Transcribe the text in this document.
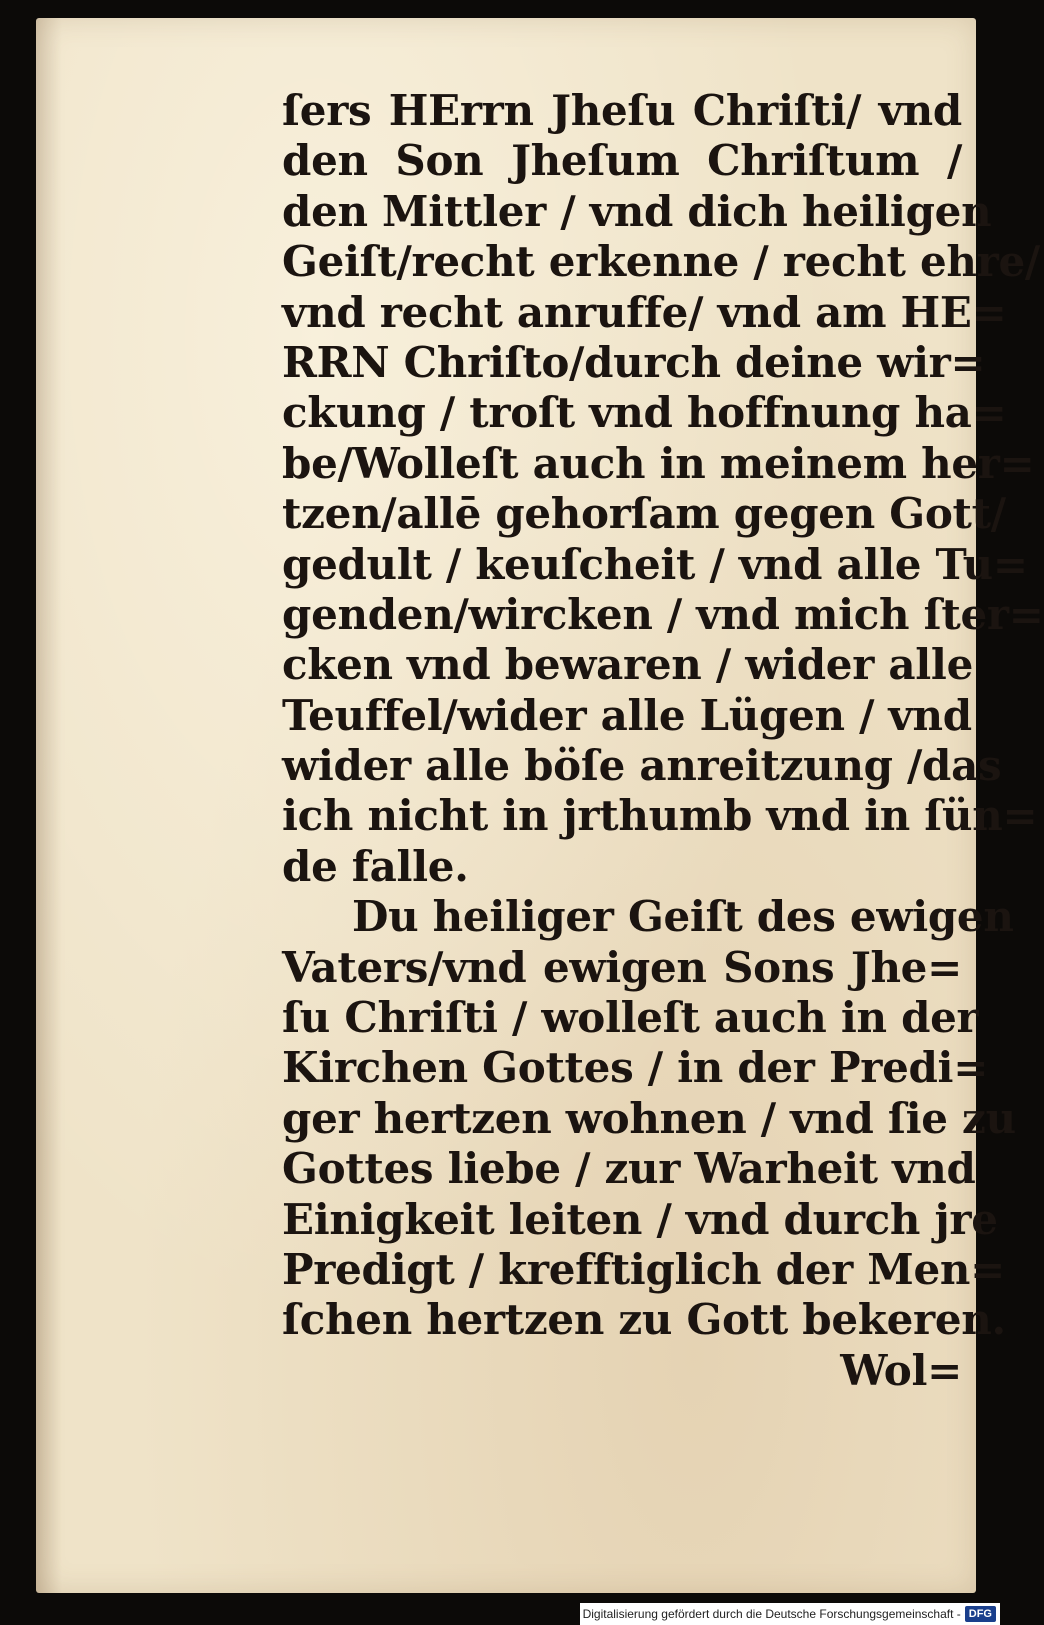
ſers HErrn Jheſu Chriſti/ vnd
den Son Jheſum Chriſtum /
den Mittler / vnd dich heiligen
Geiſt/recht erkenne / recht ehre/
vnd recht anruffe/ vnd am HE=
RRN Chriſto/durch deine wir=
ckung / troſt vnd hoffnung ha=
be/Wolleſt auch in meinem her=
tzen/allē gehorſam gegen Gott/
gedult / keuſcheit / vnd alle Tu=
genden/wircken / vnd mich ſter=
cken vnd bewaren / wider alle
Teuffel/wider alle Lügen / vnd
wider alle böſe anreitzung /das
ich nicht in jrthumb vnd in ſün=
de falle.
Du heiliger Geiſt des ewigen
Vaters/vnd ewigen Sons Jhe=
ſu Chriſti / wolleſt auch in der
Kirchen Gottes / in der Predi=
ger hertzen wohnen / vnd ſie zu
Gottes liebe / zur Warheit vnd
Einigkeit leiten / vnd durch jre
Predigt / krefftiglich der Men=
ſchen hertzen zu Gott bekeren.
Wol=
Digitalisierung gefördert durch die Deutsche Forschungsgemeinschaft - DFG
